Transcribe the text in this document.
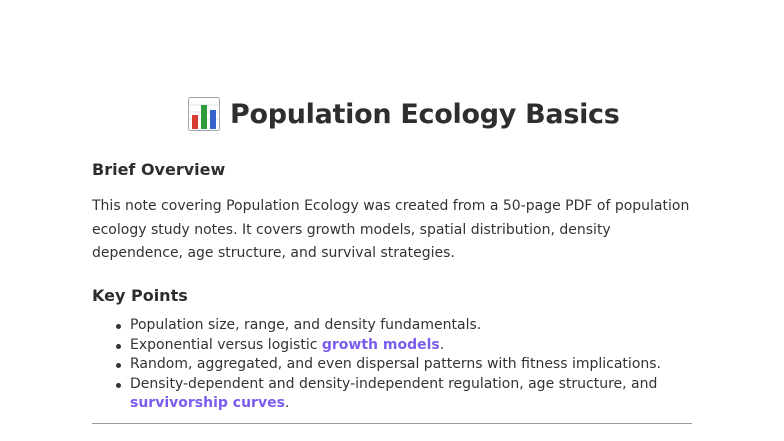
Population Ecology Basics
Brief Overview

This note covering Population Ecology was created from a 50-page PDF of population ecology study notes. It covers growth models, spatial distribution, density dependence, age structure, and survival strategies.

Key Points
Population size, range, and density fundamentals.
Exponential versus logistic growth models.
Random, aggregated, and even dispersal patterns with fitness implications.
Density-dependent and density-independent regulation, age structure, and survivorship curves.
